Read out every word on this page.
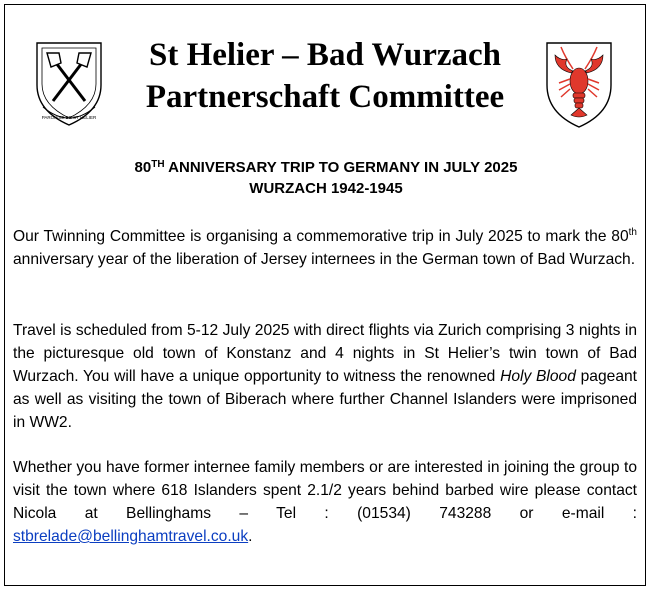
PAROISSE DE ST HELIER
St Helier – Bad Wurzach
Partnerschaft Committee
80TH ANNIVERSARY TRIP TO GERMANY IN JULY 2025
WURZACH 1942-1945
Our Twinning Committee is organising a commemorative trip in July 2025 to mark the 80th anniversary year of the liberation of Jersey internees in the German town of Bad Wurzach.
Travel is scheduled from 5-12 July 2025 with direct flights via Zurich comprising 3 nights in the picturesque old town of Konstanz and 4 nights in St Helier’s twin town of Bad Wurzach. You will have a unique opportunity to witness the renowned Holy Blood pageant as well as visiting the town of Biberach where further Channel Islanders were imprisoned in WW2.
Whether you have former internee family members or are interested in joining the group to visit the town where 618 Islanders spent 2.1/2 years behind barbed wire please contact Nicola at Bellinghams – Tel : (01534) 743288 or e-mail : stbrelade@bellinghamtravel.co.uk.
